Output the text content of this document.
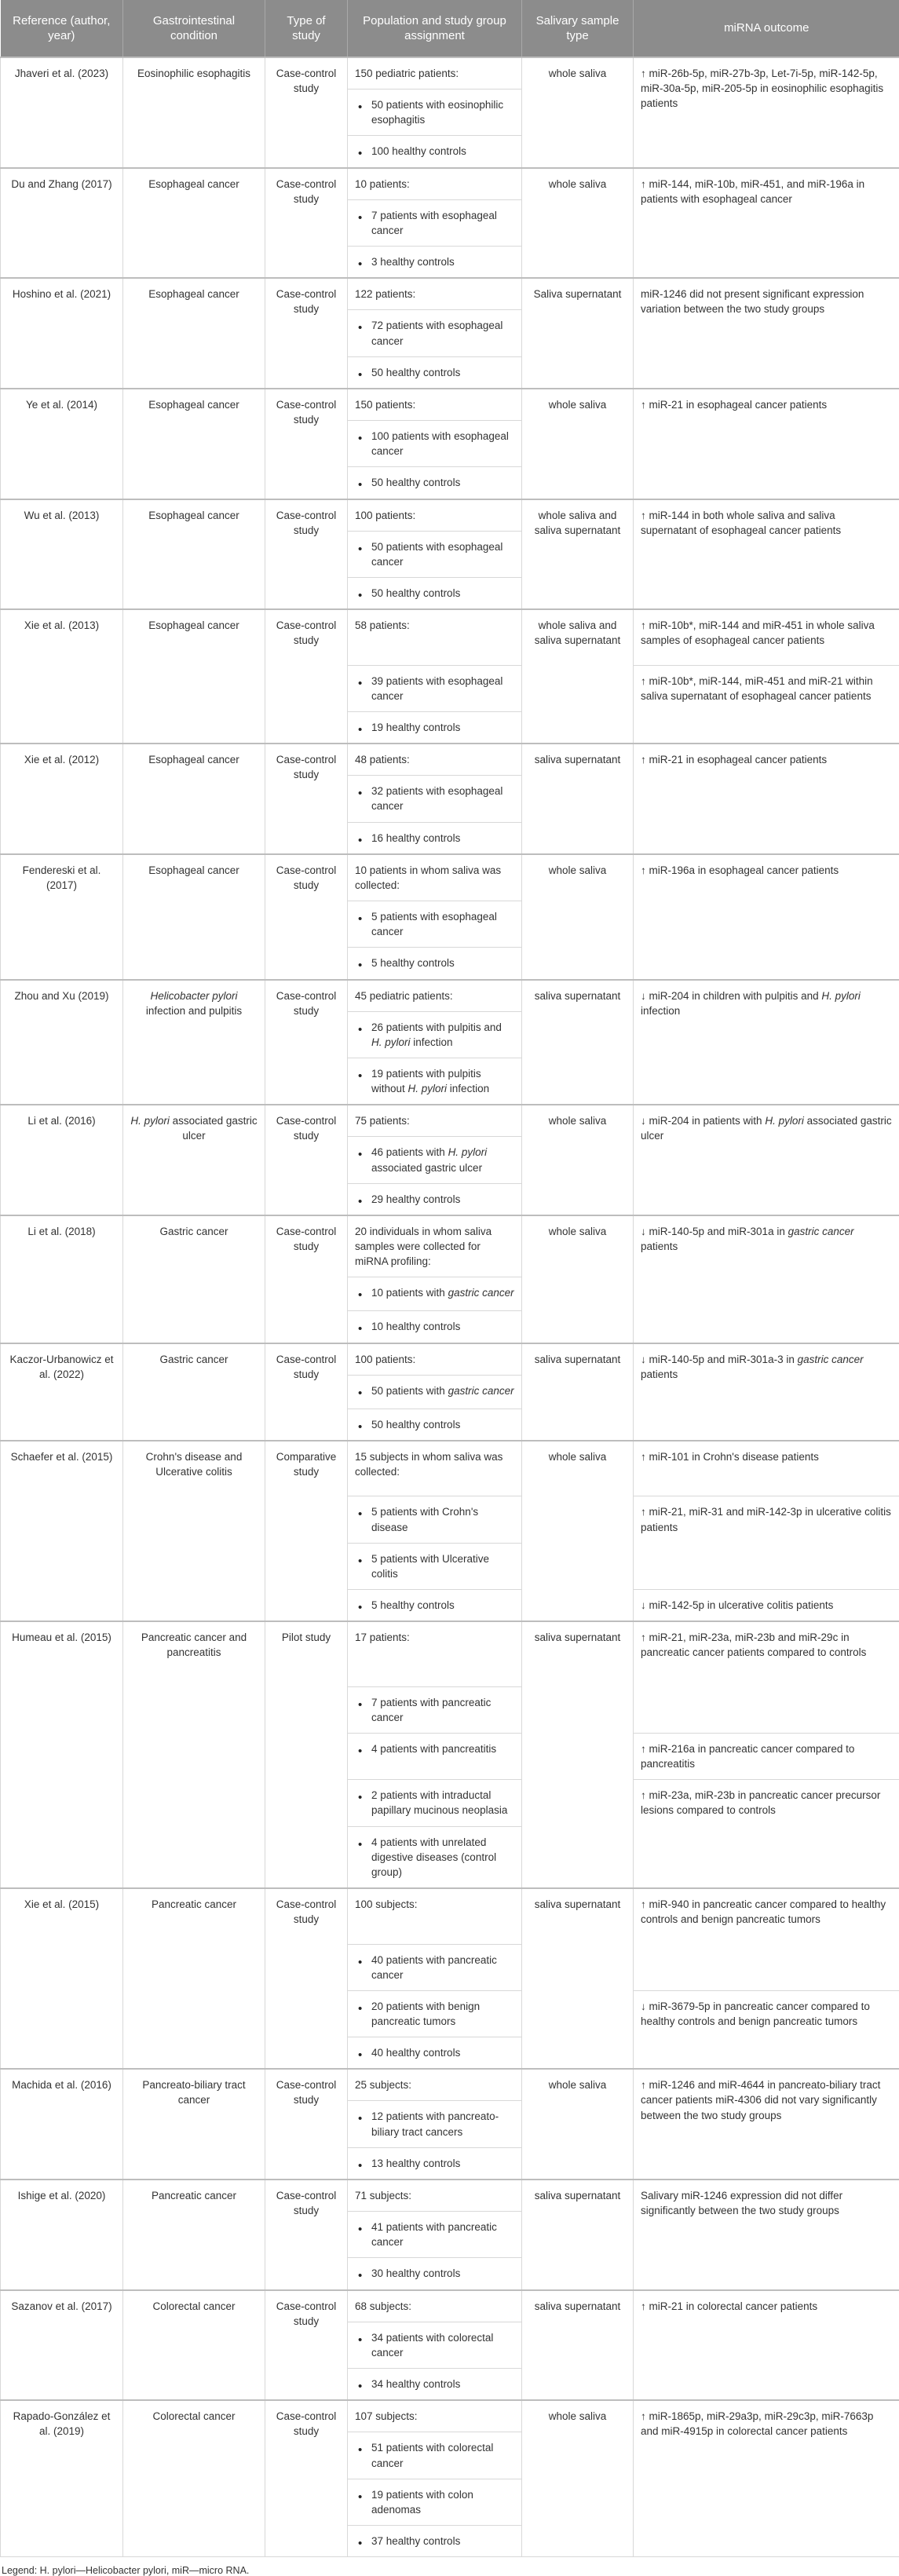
Reference (author, year)	Gastrointestinal condition	Type of study	Population and study group assignment	Salivary sample type	miRNA outcome
Jhaveri et al. (2023)	Eosinophilic esophagitis	Case-control study	150 pediatric patients:	whole saliva	↑ miR-26b-5p, miR-27b-3p, Let-7i-5p, miR-142-5p, miR-30a-5p, miR-205-5p in eosinophilic esophagitis patients
			• 50 patients with eosinophilic esophagitis
			• 100 healthy controls
Du and Zhang (2017)	Esophageal cancer	Case-control study	10 patients:	whole saliva	↑ miR-144, miR-10b, miR-451, and miR-196a in patients with esophageal cancer
			• 7 patients with esophageal cancer
			• 3 healthy controls
Hoshino et al. (2021)	Esophageal cancer	Case-control study	122 patients:	Saliva supernatant	miR-1246 did not present significant expression variation between the two study groups
			• 72 patients with esophageal cancer
			• 50 healthy controls
Ye et al. (2014)	Esophageal cancer	Case-control study	150 patients:	whole saliva	↑ miR-21 in esophageal cancer patients
			• 100 patients with esophageal cancer
			• 50 healthy controls
Wu et al. (2013)	Esophageal cancer	Case-control study	100 patients:	whole saliva and saliva supernatant	↑ miR-144 in both whole saliva and saliva supernatant of esophageal cancer patients
			• 50 patients with esophageal cancer
			• 50 healthy controls
Xie et al. (2013)	Esophageal cancer	Case-control study	58 patients:	whole saliva and saliva supernatant	↑ miR-10b*, miR-144 and miR-451 in whole saliva samples of esophageal cancer patients
			• 39 patients with esophageal cancer		↑ miR-10b*, miR-144, miR-451 and miR-21 within saliva supernatant of esophageal cancer patients
			• 19 healthy controls
Xie et al. (2012)	Esophageal cancer	Case-control study	48 patients:	saliva supernatant	↑ miR-21 in esophageal cancer patients
			• 32 patients with esophageal cancer
			• 16 healthy controls
Fendereski et al. (2017)	Esophageal cancer	Case-control study	10 patients in whom saliva was collected:	whole saliva	↑ miR-196a in esophageal cancer patients
			• 5 patients with esophageal cancer
			• 5 healthy controls
Zhou and Xu (2019)	Helicobacter pylori infection and pulpitis	Case-control study	45 pediatric patients:	saliva supernatant	↓ miR-204 in children with pulpitis and H. pylori infection
			• 26 patients with pulpitis and H. pylori infection
			• 19 patients with pulpitis without H. pylori infection
Li et al. (2016)	H. pylori associated gastric ulcer	Case-control study	75 patients:	whole saliva	↓ miR-204 in patients with H. pylori associated gastric ulcer
			• 46 patients with H. pylori associated gastric ulcer
			• 29 healthy controls
Li et al. (2018)	Gastric cancer	Case-control study	20 individuals in whom saliva samples were collected for miRNA profiling:	whole saliva	↓ miR-140-5p and miR-301a in gastric cancer patients
			• 10 patients with gastric cancer
			• 10 healthy controls
Kaczor-Urbanowicz et al. (2022)	Gastric cancer	Case-control study	100 patients:	saliva supernatant	↓ miR-140-5p and miR-301a-3 in gastric cancer patients
			• 50 patients with gastric cancer
			• 50 healthy controls
Schaefer et al. (2015)	Crohn's disease and Ulcerative colitis	Comparative study	15 subjects in whom saliva was collected:	whole saliva	↑ miR-101 in Crohn's disease patients
			• 5 patients with Crohn's disease		↑ miR-21, miR-31 and miR-142-3p in ulcerative colitis patients
			• 5 patients with Ulcerative colitis
			• 5 healthy controls		↓ miR-142-5p in ulcerative colitis patients
Humeau et al. (2015)	Pancreatic cancer and pancreatitis	Pilot study	17 patients:	saliva supernatant	↑ miR-21, miR-23a, miR-23b and miR-29c in pancreatic cancer patients compared to controls
			• 7 patients with pancreatic cancer
			• 4 patients with pancreatitis		↑ miR-216a in pancreatic cancer compared to pancreatitis
			• 2 patients with intraductal papillary mucinous neoplasia		↑ miR-23a, miR-23b in pancreatic cancer precursor lesions compared to controls
			• 4 patients with unrelated digestive diseases (control group)
Xie et al. (2015)	Pancreatic cancer	Case-control study	100 subjects:	saliva supernatant	↑ miR-940 in pancreatic cancer compared to healthy controls and benign pancreatic tumors
			• 40 patients with pancreatic cancer
			• 20 patients with benign pancreatic tumors		↓ miR-3679-5p in pancreatic cancer compared to healthy controls and benign pancreatic tumors
			• 40 healthy controls
Machida et al. (2016)	Pancreato-biliary tract cancer	Case-control study	25 subjects:	whole saliva	↑ miR-1246 and miR-4644 in pancreato-biliary tract cancer patients miR-4306 did not vary significantly between the two study groups
			• 12 patients with pancreato-biliary tract cancers
			• 13 healthy controls
Ishige et al. (2020)	Pancreatic cancer	Case-control study	71 subjects:	saliva supernatant	Salivary miR-1246 expression did not differ significantly between the two study groups
			• 41 patients with pancreatic cancer
			• 30 healthy controls
Sazanov et al. (2017)	Colorectal cancer	Case-control study	68 subjects:	saliva supernatant	↑ miR-21 in colorectal cancer patients
			• 34 patients with colorectal cancer
			• 34 healthy controls
Rapado-González et al. (2019)	Colorectal cancer	Case-control study	107 subjects:	whole saliva	↑ miR-1865p, miR-29a3p, miR-29c3p, miR-7663p and miR-4915p in colorectal cancer patients
			• 51 patients with colorectal cancer
			• 19 patients with colon adenomas
			• 37 healthy controls
Legend: H. pylori—Helicobacter pylori, miR—micro RNA.
